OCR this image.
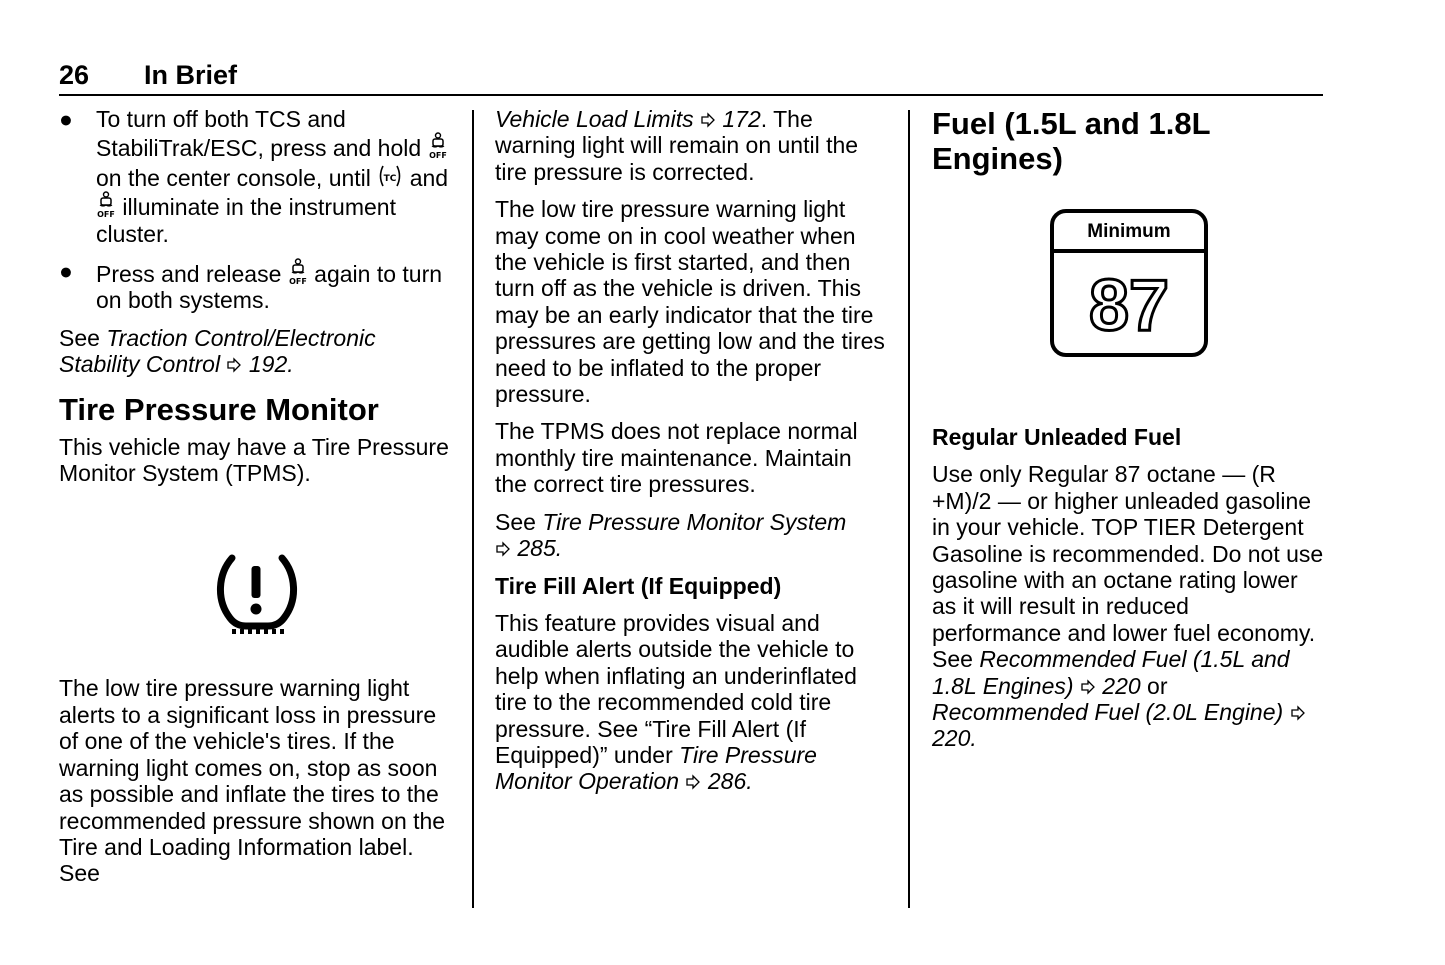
26 In Brief
● To turn off both TCS and StabiliTrak/ESC, press and hold  on the center console, until and  illuminate in the instrument cluster.
● Press and release again to turn on both systems.

See Traction Control/Electronic Stability Control 192.

Tire Pressure Monitor

This vehicle may have a Tire Pressure Monitor System (TPMS).

The low tire pressure warning light alerts to a significant loss in pressure of one of the vehicle's tires. If the warning light comes on, stop as soon as possible and inflate the tires to the recommended pressure shown on the Tire and Loading Information label. See

Vehicle Load Limits 172. The warning light will remain on until the tire pressure is corrected.

The low tire pressure warning light may come on in cool weather when the vehicle is first started, and then turn off as the vehicle is driven. This may be an early indicator that the tire pressures are getting low and the tires need to be inflated to the proper pressure.

The TPMS does not replace normal monthly tire maintenance. Maintain the correct tire pressures.

See Tire Pressure Monitor System
285.

Tire Fill Alert (If Equipped)

This feature provides visual and audible alerts outside the vehicle to help when inflating an underinflated tire to the recommended cold tire pressure. See “Tire Fill Alert (If Equipped)” under Tire Pressure Monitor Operation 286.

Fuel (1.5L and 1.8L Engines)
Minimum
87

Regular Unleaded Fuel

Use only Regular 87 octane — (R +M)/2 — or higher unleaded gasoline in your vehicle. TOP TIER Detergent Gasoline is recommended. Do not use gasoline with an octane rating lower as it will result in reduced performance and lower fuel economy. See Recommended Fuel (1.5L and 1.8L Engines) 220 or Recommended Fuel (2.0L Engine)  220.
